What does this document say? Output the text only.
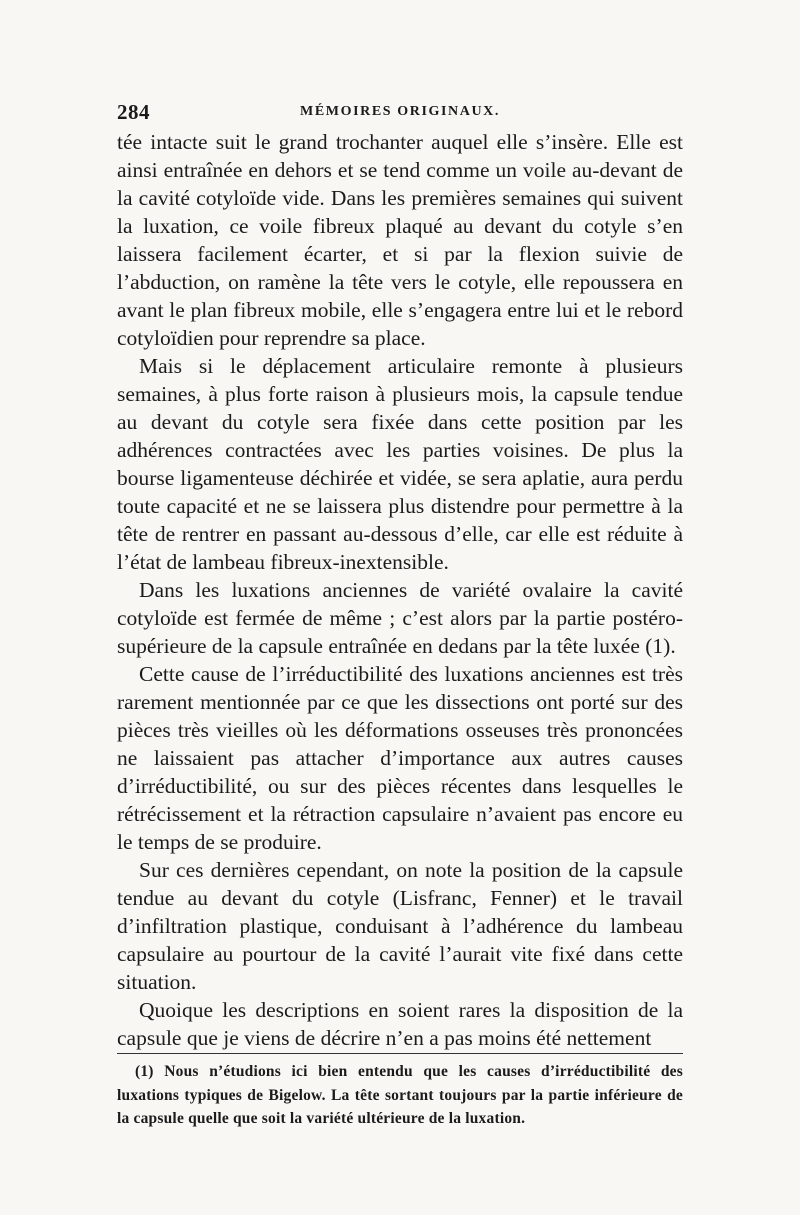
284	MÉMOIRES ORIGINAUX.

tée intacte suit le grand trochanter auquel elle s’insère. Elle est ainsi entraînée en dehors et se tend comme un voile au-devant de la cavité cotyloïde vide. Dans les premières semaines qui suivent la luxation, ce voile fibreux plaqué au devant du cotyle s’en laissera facilement écarter, et si par la flexion suivie de l’abduction, on ramène la tête vers le cotyle, elle repoussera en avant le plan fibreux mobile, elle s’engagera entre lui et le rebord cotyloïdien pour reprendre sa place.

Mais si le déplacement articulaire remonte à plusieurs semaines, à plus forte raison à plusieurs mois, la capsule tendue au devant du cotyle sera fixée dans cette position par les adhérences contractées avec les parties voisines. De plus la bourse ligamenteuse déchirée et vidée, se sera aplatie, aura perdu toute capacité et ne se laissera plus distendre pour permettre à la tête de rentrer en passant au-dessous d’elle, car elle est réduite à l’état de lambeau fibreux-inextensible.

Dans les luxations anciennes de variété ovalaire la cavité cotyloïde est fermée de même ; c’est alors par la partie postéro-supérieure de la capsule entraînée en dedans par la tête luxée (1).

Cette cause de l’irréductibilité des luxations anciennes est très rarement mentionnée par ce que les dissections ont porté sur des pièces très vieilles où les déformations osseuses très prononcées ne laissaient pas attacher d’importance aux autres causes d’irréductibilité, ou sur des pièces récentes dans lesquelles le rétrécissement et la rétraction capsulaire n’avaient pas encore eu le temps de se produire.

Sur ces dernières cependant, on note la position de la capsule tendue au devant du cotyle (Lisfranc, Fenner) et le travail d’infiltration plastique, conduisant à l’adhérence du lambeau capsulaire au pourtour de la cavité l’aurait vite fixé dans cette situation.

Quoique les descriptions en soient rares la disposition de la capsule que je viens de décrire n’en a pas moins été nettement

(1) Nous n’étudions ici bien entendu que les causes d’irréductibilité des luxations typiques de Bigelow. La tête sortant toujours par la partie inférieure de la capsule quelle que soit la variété ultérieure de la luxation.
